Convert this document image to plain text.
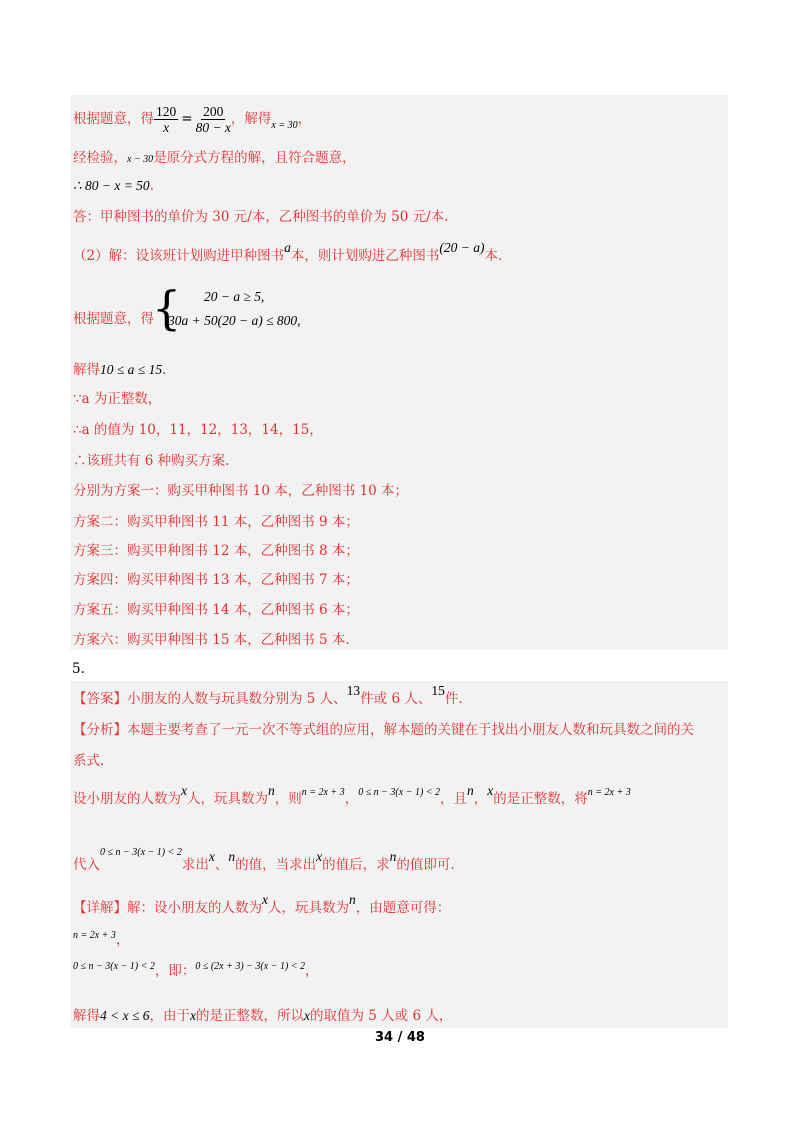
根据题意，得 $\frac{120}{x} = \frac{200}{80 - x}$ ，解得$_{x = 30}$，
经检验，x − 30是原分式方程的解，且符合题意，
∴ 80 − x = 50.
答：甲种图书的单价为 30 元/本，乙种图书的单价为 50 元/本.
（2）解：设该班计划购进甲种图书a本，则计划购进乙种图书(20 − a)本.
根据题意，得
{ 20 − a ≥ 5,
30a + 50(20 − a) ≤ 800,
解得10 ≤ a ≤ 15.
∵a 为正整数，
∴a 的值为 10，11，12，13，14，15，
∴该班共有 6 种购买方案.
分别为方案一：购买甲种图书 10 本，乙种图书 10 本；
方案二：购买甲种图书 11 本，乙种图书 9 本；
方案三：购买甲种图书 12 本，乙种图书 8 本；
方案四：购买甲种图书 13 本，乙种图书 7 本；
方案五：购买甲种图书 14 本，乙种图书 6 本；
方案六：购买甲种图书 15 本，乙种图书 5 本.
5.
【答案】小朋友的人数与玩具数分别为 5 人、13件或 6 人、15件.
【分析】本题主要考查了一元一次不等式组的应用，解本题的关键在于找出小朋友人数和玩具数之间的关
系式.
设小朋友的人数为x人，玩具数为n，则$^{n = 2x + 3}$，$^{0 \le n - 3(x - 1) < 2}$，且n，x的是正整数，将$^{n = 2x + 3}$
代入$^{0 \le n - 3(x - 1) < 2}$求出x、n的值，当求出x的值后，求n的值即可.
【详解】解：设小朋友的人数为x人，玩具数为n，由题意可得：
n = 2x + 3，
0 ≤ n − 3(x − 1) < 2，即：0 ≤ (2x + 3) − 3(x − 1) < 2，
解得4 < x ≤ 6，由于x的是正整数，所以x的取值为 5 人或 6 人，
34 / 48
